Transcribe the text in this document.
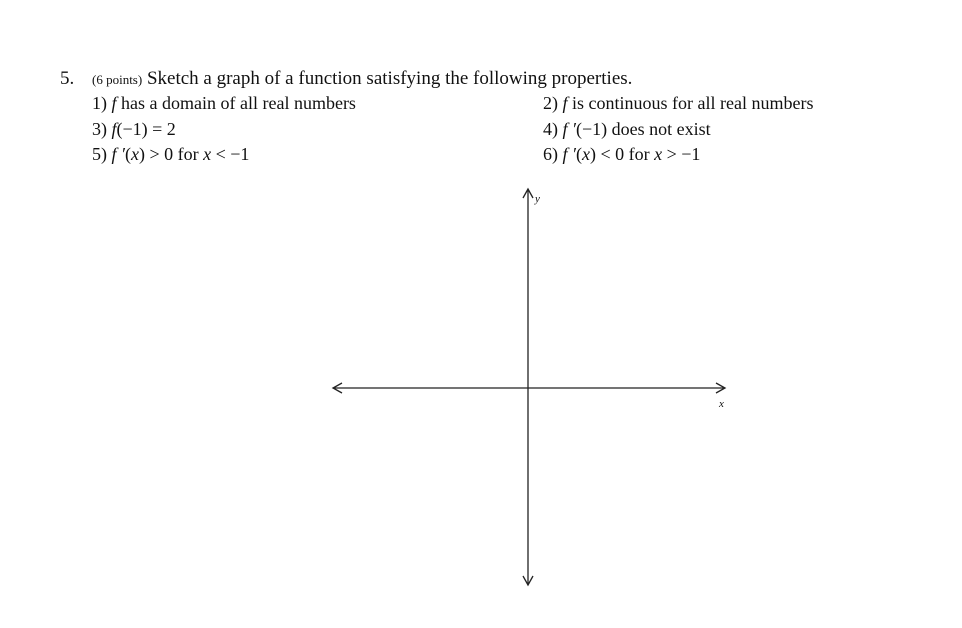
5. (6 points) Sketch a graph of a function satisfying the following properties.
1) f has a domain of all real numbers	2) f is continuous for all real numbers
3) f(−1) = 2	4) f ′(−1) does not exist
5) f ′(x) > 0 for x < −1	6) f ′(x) < 0 for x > −1
y
x
